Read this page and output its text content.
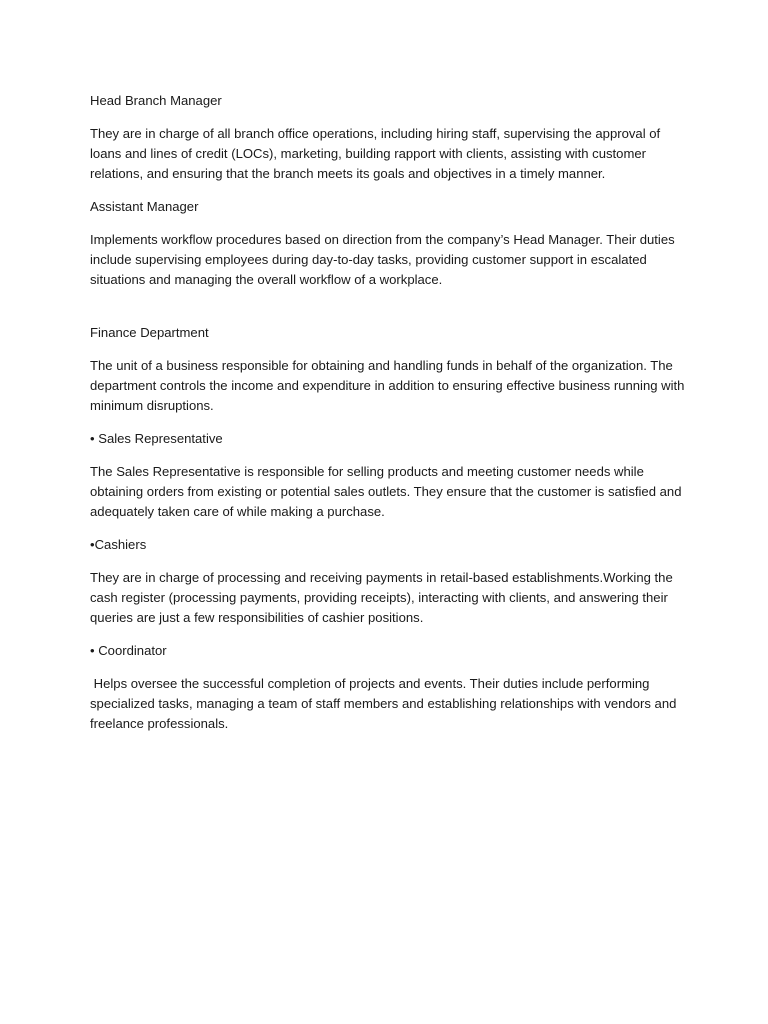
Head Branch Manager

They are in charge of all branch office operations, including hiring staff, supervising the approval of loans and lines of credit (LOCs), marketing, building rapport with clients, assisting with customer relations, and ensuring that the branch meets its goals and objectives in a timely manner.

Assistant Manager

Implements workflow procedures based on direction from the company’s Head Manager. Their duties include supervising employees during day-to-day tasks, providing customer support in escalated situations and managing the overall workflow of a workplace.

Finance Department

The unit of a business responsible for obtaining and handling funds in behalf of the organization. The department controls the income and expenditure in addition to ensuring effective business running with minimum disruptions.

• Sales Representative

The Sales Representative is responsible for selling products and meeting customer needs while obtaining orders from existing or potential sales outlets. They ensure that the customer is satisfied and adequately taken care of while making a purchase.

•Cashiers

They are in charge of processing and receiving payments in retail-based establishments.Working the cash register (processing payments, providing receipts), interacting with clients, and answering their queries are just a few responsibilities of cashier positions.

• Coordinator

Helps oversee the successful completion of projects and events. Their duties include performing specialized tasks, managing a team of staff members and establishing relationships with vendors and freelance professionals.
